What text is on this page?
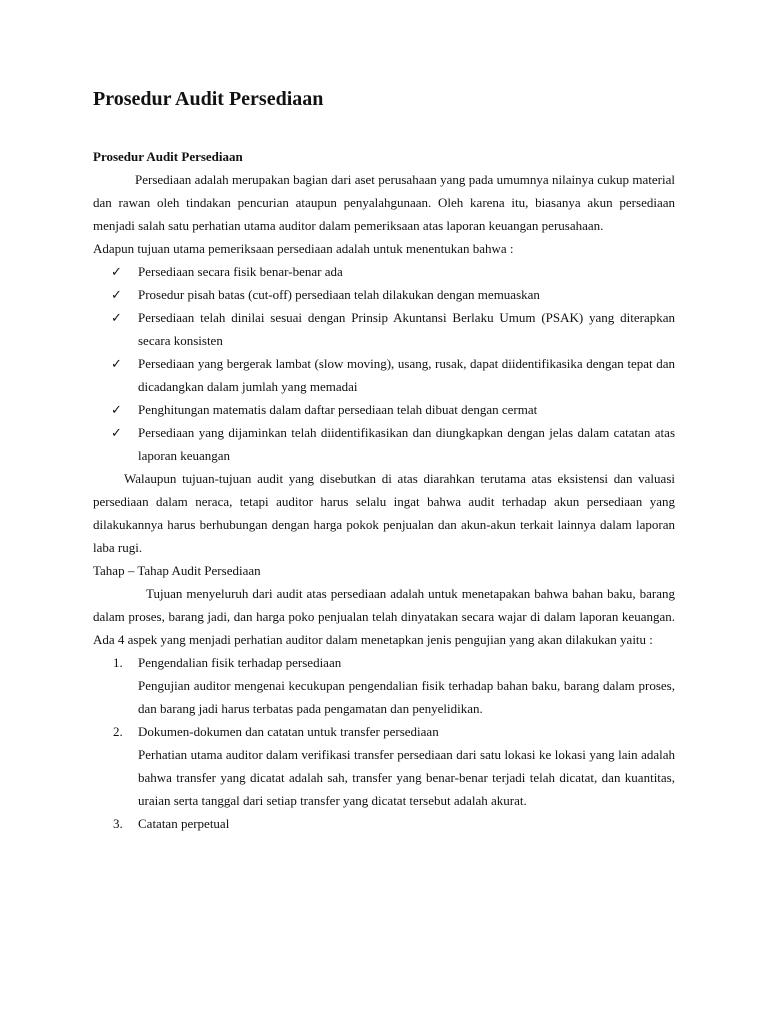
Prosedur Audit Persediaan

Prosedur Audit Persediaan

Persediaan adalah merupakan bagian dari aset perusahaan yang pada umumnya nilainya cukup material dan rawan oleh tindakan pencurian ataupun penyalahgunaan. Oleh karena itu, biasanya akun persediaan menjadi salah satu perhatian utama auditor dalam pemeriksaan atas laporan keuangan perusahaan.

Adapun tujuan utama pemeriksaan persediaan adalah untuk menentukan bahwa :

✓ Persediaan secara fisik benar-benar ada
✓ Prosedur pisah batas (cut-off) persediaan telah dilakukan dengan memuaskan
✓ Persediaan telah dinilai sesuai dengan Prinsip Akuntansi Berlaku Umum (PSAK) yang diterapkan secara konsisten
✓ Persediaan yang bergerak lambat (slow moving), usang, rusak, dapat diidentifikasika dengan tepat dan dicadangkan dalam jumlah yang memadai
✓ Penghitungan matematis dalam daftar persediaan telah dibuat dengan cermat
✓ Persediaan yang dijaminkan telah diidentifikasikan dan diungkapkan dengan jelas dalam catatan atas laporan keuangan

Walaupun tujuan-tujuan audit yang disebutkan di atas diarahkan terutama atas eksistensi dan valuasi persediaan dalam neraca, tetapi auditor harus selalu ingat bahwa audit terhadap akun persediaan yang dilakukannya harus berhubungan dengan harga pokok penjualan dan akun-akun terkait lainnya dalam laporan laba rugi.

Tahap – Tahap Audit Persediaan

Tujuan menyeluruh dari audit atas persediaan adalah untuk menetapakan bahwa bahan baku, barang dalam proses, barang jadi, dan harga poko penjualan telah dinyatakan secara wajar di dalam laporan keuangan. Ada 4 aspek yang menjadi perhatian auditor dalam menetapkan jenis pengujian yang akan dilakukan yaitu :

1. Pengendalian fisik terhadap persediaan
Pengujian auditor mengenai kecukupan pengendalian fisik terhadap bahan baku, barang dalam proses, dan barang jadi harus terbatas pada pengamatan dan penyelidikan.
2. Dokumen-dokumen dan catatan untuk transfer persediaan
Perhatian utama auditor dalam verifikasi transfer persediaan dari satu lokasi ke lokasi yang lain adalah bahwa transfer yang dicatat adalah sah, transfer yang benar-benar terjadi telah dicatat, dan kuantitas, uraian serta tanggal dari setiap transfer yang dicatat tersebut adalah akurat.
3. Catatan perpetual
